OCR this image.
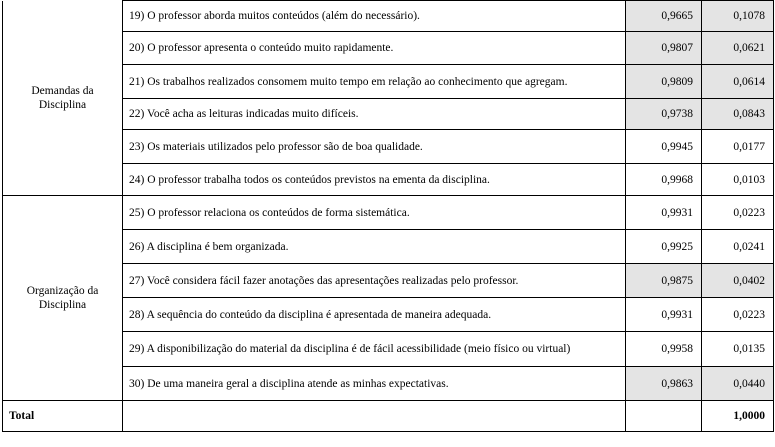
Demandas da Disciplina	19) O professor aborda muitos conteúdos (além do necessário).	0,9665	0,1078
	20) O professor apresenta o conteúdo muito rapidamente.	0,9807	0,0621
	21) Os trabalhos realizados consomem muito tempo em relação ao conhecimento que agregam.	0,9809	0,0614
	22) Você acha as leituras indicadas muito difíceis.	0,9738	0,0843
	23) Os materiais utilizados pelo professor são de boa qualidade.	0,9945	0,0177
	24) O professor trabalha todos os conteúdos previstos na ementa da disciplina.	0,9968	0,0103
Organização da Disciplina	25) O professor relaciona os conteúdos de forma sistemática.	0,9931	0,0223
	26) A disciplina é bem organizada.	0,9925	0,0241
	27) Você considera fácil fazer anotações das apresentações realizadas pelo professor.	0,9875	0,0402
	28) A sequência do conteúdo da disciplina é apresentada de maneira adequada.	0,9931	0,0223
	29) A disponibilização do material da disciplina é de fácil acessibilidade (meio físico ou virtual)	0,9958	0,0135
	30) De uma maneira geral a disciplina atende as minhas expectativas.	0,9863	0,0440
Total			1,0000
